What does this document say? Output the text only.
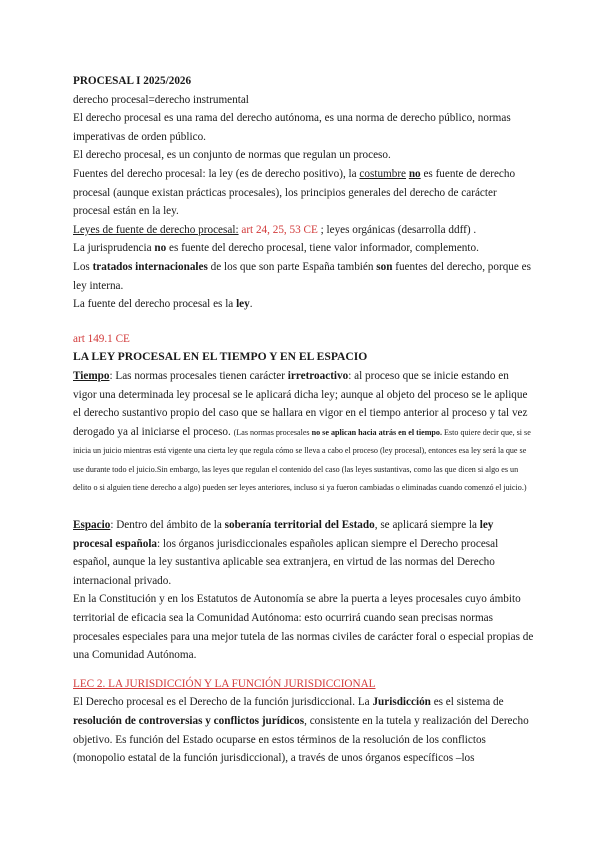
PROCESAL I 2025/2026

derecho procesal=derecho instrumental

El derecho procesal es una rama del derecho autónoma, es una norma de derecho público, normas imperativas de orden público.

El derecho procesal, es un conjunto de normas que regulan un proceso.

Fuentes del derecho procesal: la ley (es de derecho positivo), la costumbre no es fuente de derecho procesal (aunque existan prácticas procesales), los principios generales del derecho de carácter procesal están en la ley.

Leyes de fuente de derecho procesal: art 24, 25, 53 CE ; leyes orgánicas (desarrolla ddff) .

La jurisprudencia no es fuente del derecho procesal, tiene valor informador, complemento.

Los tratados internacionales de los que son parte España también son fuentes del derecho, porque es ley interna.

La fuente del derecho procesal es la ley.

art 149.1 CE

LA LEY PROCESAL EN EL TIEMPO Y EN EL ESPACIO

Tiempo: Las normas procesales tienen carácter irretroactivo: al proceso que se inicie estando en vigor una determinada ley procesal se le aplicará dicha ley; aunque al objeto del proceso se le aplique el derecho sustantivo propio del caso que se hallara en vigor en el tiempo anterior al proceso y tal vez derogado ya al iniciarse el proceso. (Las normas procesales no se aplican hacia atrás en el tiempo. Esto quiere decir que, si se inicia un juicio mientras está vigente una cierta ley que regula cómo se lleva a cabo el proceso (ley procesal), entonces esa ley será la que se use durante todo el juicio.Sin embargo, las leyes que regulan el contenido del caso (las leyes sustantivas, como las que dicen si algo es un delito o si alguien tiene derecho a algo) pueden ser leyes anteriores, incluso si ya fueron cambiadas o eliminadas cuando comenzó el juicio.)

Espacio: Dentro del ámbito de la soberanía territorial del Estado, se aplicará siempre la ley procesal española: los órganos jurisdiccionales españoles aplican siempre el Derecho procesal español, aunque la ley sustantiva aplicable sea extranjera, en virtud de las normas del Derecho internacional privado.

En la Constitución y en los Estatutos de Autonomía se abre la puerta a leyes procesales cuyo ámbito territorial de eficacia sea la Comunidad Autónoma: esto ocurrirá cuando sean precisas normas procesales especiales para una mejor tutela de las normas civiles de carácter foral o especial propias de una Comunidad Autónoma.

LEC 2. LA JURISDICCIÓN Y LA FUNCIÓN JURISDICCIONAL

El Derecho procesal es el Derecho de la función jurisdiccional. La Jurisdicción es el sistema de resolución de controversias y conflictos jurídicos, consistente en la tutela y realización del Derecho objetivo. Es función del Estado ocuparse en estos términos de la resolución de los conflictos (monopolio estatal de la función jurisdiccional), a través de unos órganos específicos –los
